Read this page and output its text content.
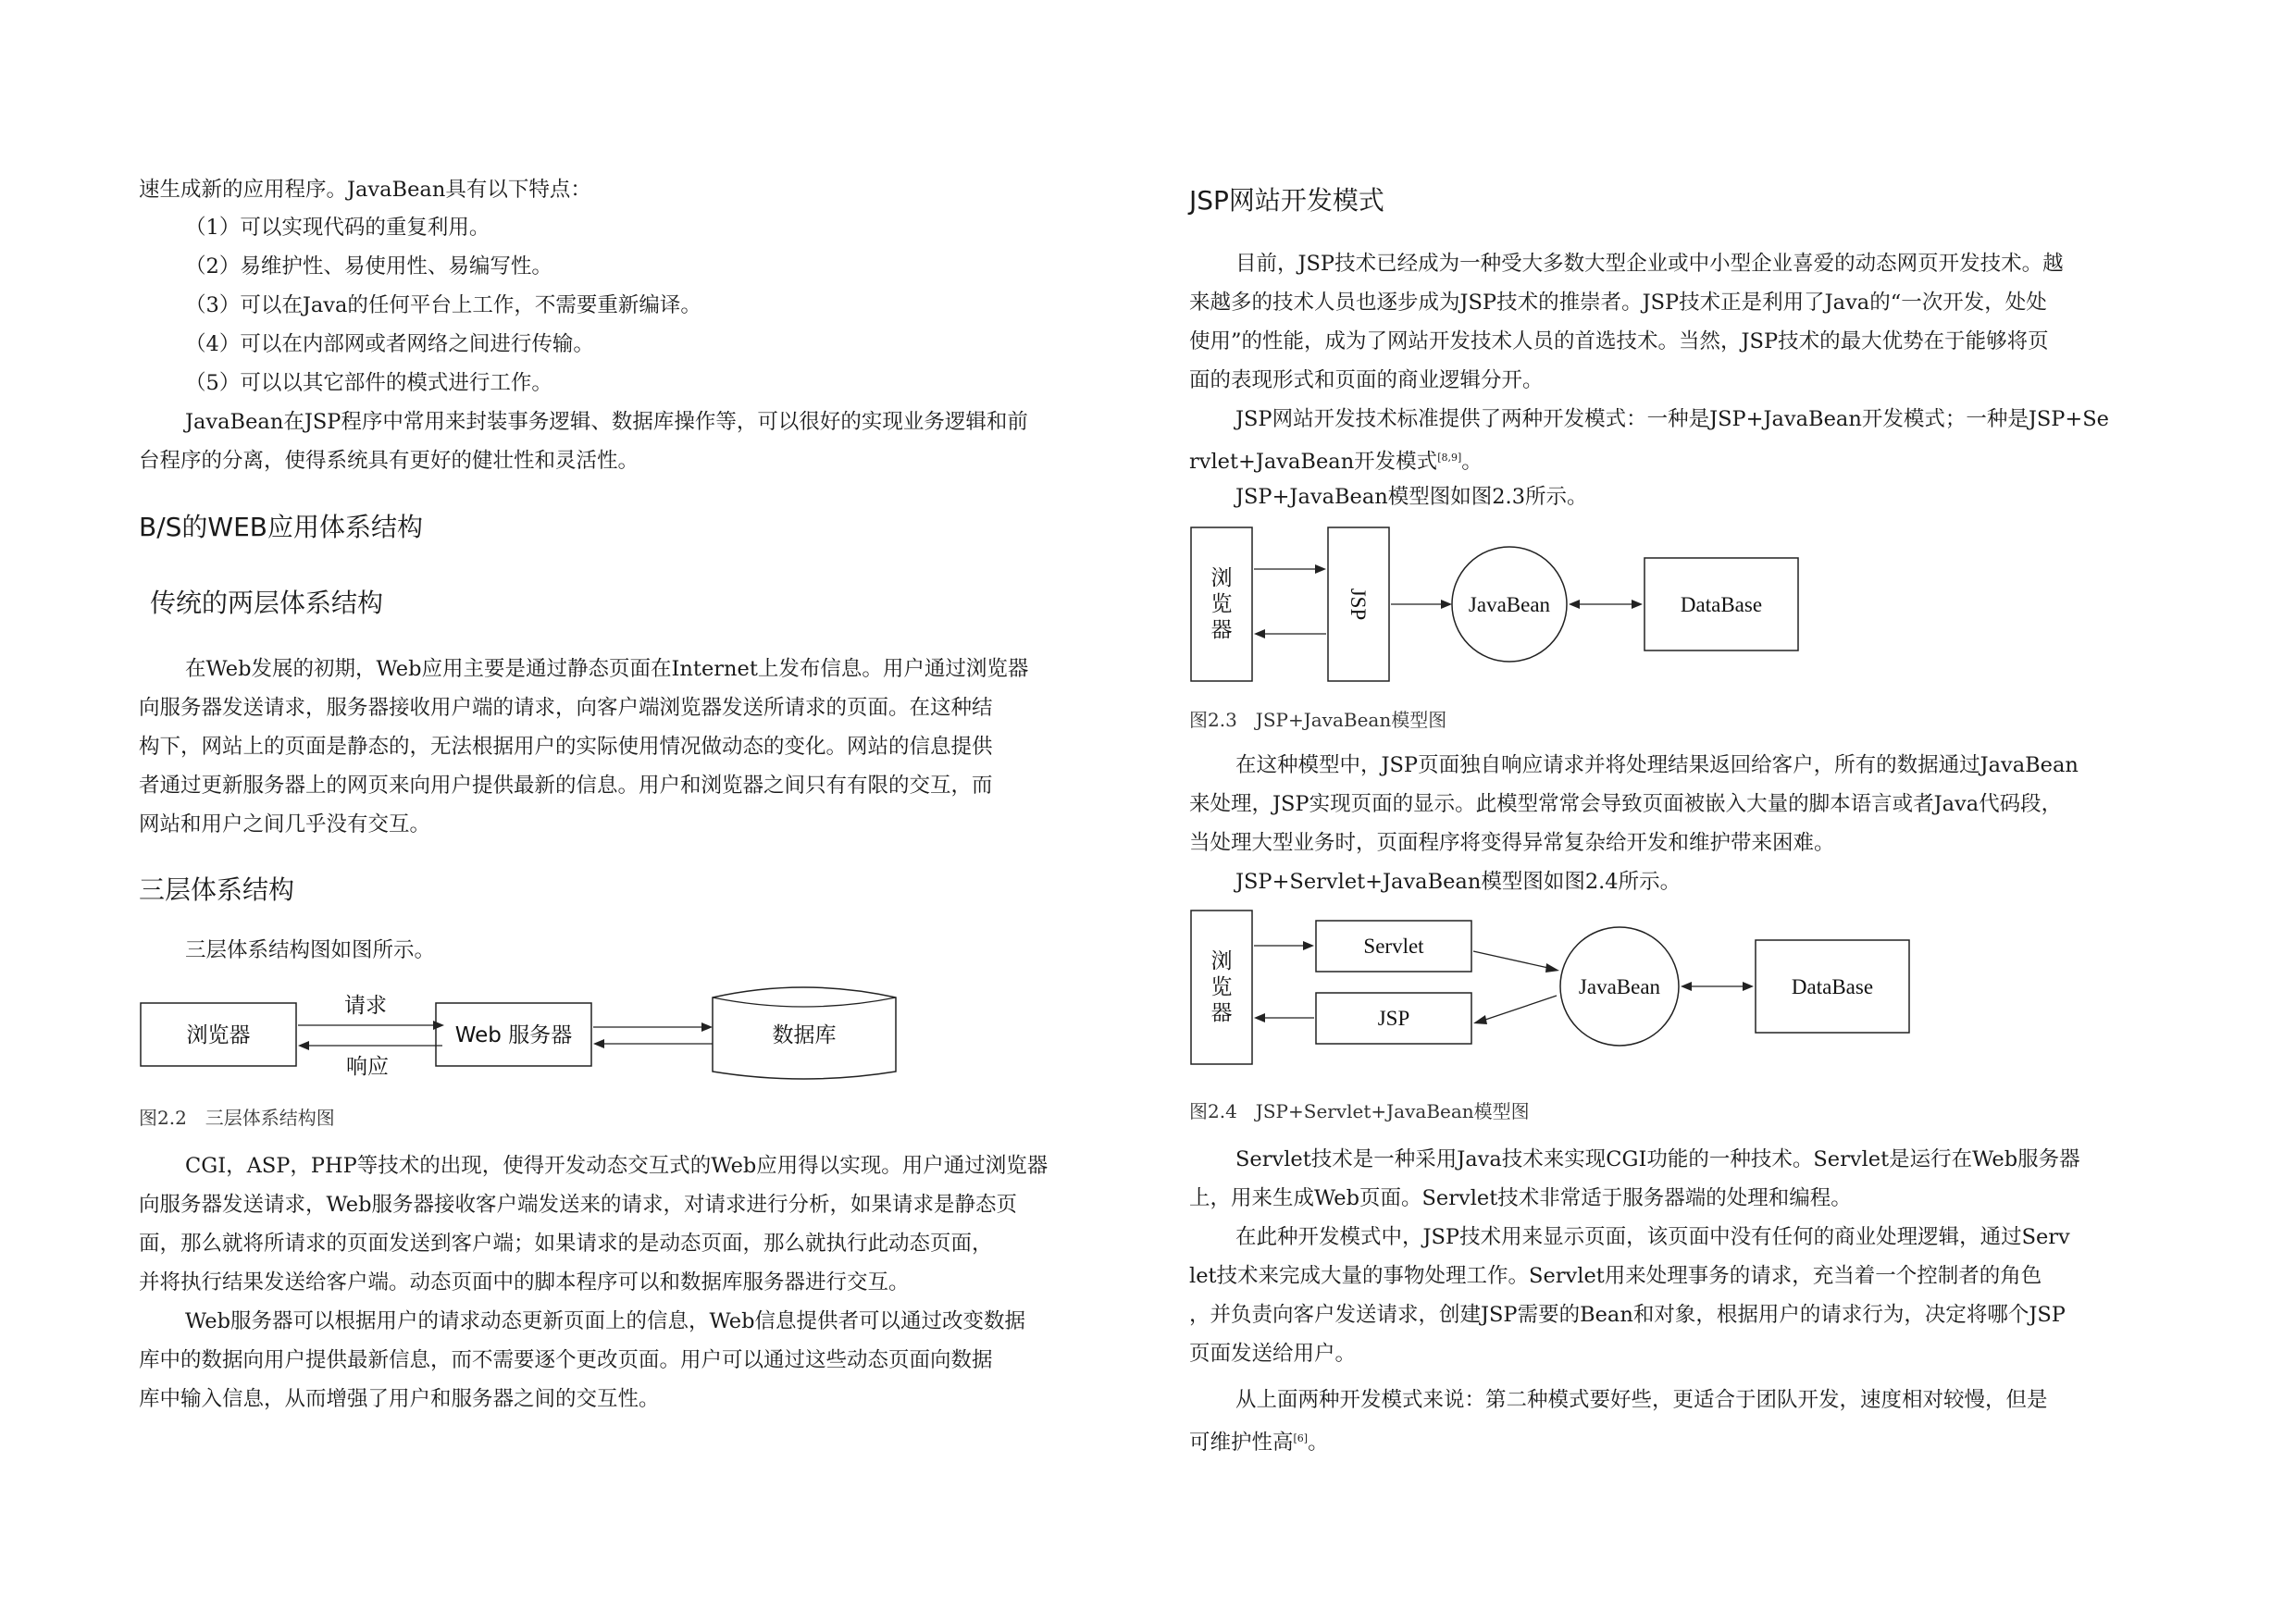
速生成新的应用程序。JavaBean具有以下特点：
（1）可以实现代码的重复利用。
（2）易维护性、易使用性、易编写性。
（3）可以在Java的任何平台上工作，不需要重新编译。
（4）可以在内部网或者网络之间进行传输。
（5）可以以其它部件的模式进行工作。
JavaBean在JSP程序中常用来封装事务逻辑、数据库操作等，可以很好的实现业务逻辑和前
台程序的分离，使得系统具有更好的健壮性和灵活性。
B/S的WEB应用体系结构
传统的两层体系结构
在Web发展的初期，Web应用主要是通过静态页面在Internet上发布信息。用户通过浏览器
向服务器发送请求，服务器接收用户端的请求，向客户端浏览器发送所请求的页面。在这种结
构下，网站上的页面是静态的，无法根据用户的实际使用情况做动态的变化。网站的信息提供
者通过更新服务器上的网页来向用户提供最新的信息。用户和浏览器之间只有有限的交互，而
网站和用户之间几乎没有交互。
三层体系结构
三层体系结构图如图所示。
浏览器
请求
响应
Web 服务器	数据库
图2.2　三层体系结构图
CGI，ASP，PHP等技术的出现，使得开发动态交互式的Web应用得以实现。用户通过浏览器
向服务器发送请求，Web服务器接收客户端发送来的请求，对请求进行分析，如果请求是静态页
面，那么就将所请求的页面发送到客户端；如果请求的是动态页面，那么就执行此动态页面，
并将执行结果发送给客户端。动态页面中的脚本程序可以和数据库服务器进行交互。
Web服务器可以根据用户的请求动态更新页面上的信息，Web信息提供者可以通过改变数据
库中的数据向用户提供最新信息，而不需要逐个更改页面。用户可以通过这些动态页面向数据
库中输入信息，从而增强了用户和服务器之间的交互性。
JSP网站开发模式
目前，JSP技术已经成为一种受大多数大型企业或中小型企业喜爱的动态网页开发技术。越
来越多的技术人员也逐步成为JSP技术的推崇者。JSP技术正是利用了Java的“一次开发，处处
使用”的性能，成为了网站开发技术人员的首选技术。当然，JSP技术的最大优势在于能够将页
面的表现形式和页面的商业逻辑分开。
JSP网站开发技术标准提供了两种开发模式：一种是JSP+JavaBean开发模式；一种是JSP+Se
rvlet+JavaBean开发模式[8,9]。
JSP+JavaBean模型图如图2.3所示。
浏
览
器
JSP	JavaBean	DataBase
图2.3　JSP+JavaBean模型图
在这种模型中，JSP页面独自响应请求并将处理结果返回给客户，所有的数据通过JavaBean
来处理，JSP实现页面的显示。此模型常常会导致页面被嵌入大量的脚本语言或者Java代码段，
当处理大型业务时，页面程序将变得异常复杂给开发和维护带来困难。
JSP+Servlet+JavaBean模型图如图2.4所示。
浏
览
器
Servlet
JSP
JavaBean	DataBase
图2.4　JSP+Servlet+JavaBean模型图
Servlet技术是一种采用Java技术来实现CGI功能的一种技术。Servlet是运行在Web服务器
上，用来生成Web页面。Servlet技术非常适于服务器端的处理和编程。
在此种开发模式中，JSP技术用来显示页面，该页面中没有任何的商业处理逻辑，通过Serv
let技术来完成大量的事物处理工作。Servlet用来处理事务的请求，充当着一个控制者的角色
，并负责向客户发送请求，创建JSP需要的Bean和对象，根据用户的请求行为，决定将哪个JSP
页面发送给用户。
从上面两种开发模式来说：第二种模式要好些，更适合于团队开发，速度相对较慢，但是
可维护性高[6]。
